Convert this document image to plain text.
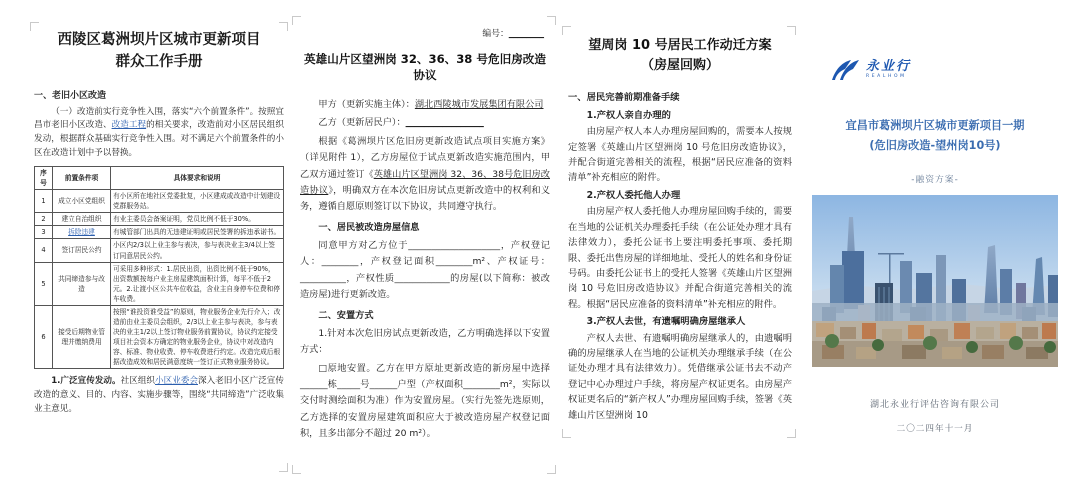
西陵区葛洲坝片区城市更新项目
群众工作手册
一、老旧小区改造
（一）改造前实行竞争性入围，落实“六个前置条件”。按照宜昌市老旧小区改造、改造工程的相关要求，改造前对小区居民组织发动，根据群众基础实行竞争性入围。对不满足六个前置条件的小区在改造计划中予以替换。
序号	前置条件项	具体要求和说明
1	成立小区党组织	有小区所在地社区党委批复，小区建成或改造中计划建设党群服务站。
2	建立自治组织	有业主委员会备案证明，党员比例不低于30%。
3	拆除违建	有城管部门出具的无违建证明或居民签署的拆违承诺书。
4	签订居民公约	小区内2/3以上业主参与表决，参与表决业主3/4以上签订同意居民公约。
5	共同缔造参与改造	可采用多种形式：1.居民出资，出资比例不低于90%，出资数额按每户业主房屋建筑面积计算，每平不低于2元。2.让渡小区公共车位收益，含业主自身停车位费和停车收费。
6	接受后期物业管理并缴纳费用	按照“谁投资谁受益”的原则，物业服务企业先行介入；改造前由业主委员会组织，2/3以上业主参与表决，参与表决的业主1/2以上签订物业服务前置协议，协议约定接受项目社会资本方确定的物业服务企业，协议中对改造内容、标准、物业收费、停车收费进行约定。改造完成后根据改造成效和居民满意度统一签订正式物业服务协议。
1.广泛宣传发动。社区组织小区业委会深入老旧小区广泛宣传改造的意义、目的、内容、实施步骤等，围绕“共同缔造”广泛收集业主意见。
编号：________
英雄山片区望洲岗 32、36、38 号危旧房改造协议
甲方（更新实施主体）：湖北西陵城市发展集团有限公司
乙方（更新居民户）：_________________
根据《葛洲坝片区危旧房更新改造试点项目实施方案》（详见附件 1），乙方房屋位于试点更新改造实施范围内，甲乙双方通过签订《英雄山片区望洲岗 32、36、38号危旧房改造协议》，明确双方在本次危旧房试点更新改造中的权利和义务，遵循自愿原则签订以下协议，共同遵守执行。
一、居民被改造房屋信息
同意甲方对乙方位于____________________，产权登记人：________，产权登记面积________m²、产权证号：__________，产权性质____________的房屋(以下简称：被改造房屋)进行更新改造。
二、安置方式
1.针对本次危旧房试点更新改造，乙方明确选择以下安置方式：
□原地安置。乙方在甲方原址更新改造的新房屋中选择______栋_____号______户型（产权面积________m²，实际以交付时测绘面积为准）作为安置房屋。（实行先签先选原则，乙方选择的安置房屋建筑面积应大于被改造房屋产权登记面积，且多出部分不超过 20 m²）。
望周岗 10 号居民工作动迁方案
（房屋回购）
一、居民完善前期准备手续
1.产权人亲自办理的
由房屋产权人本人办理房屋回购的，需要本人按规定签署《英雄山片区望洲岗 10 号危旧房改造协议》，并配合街道完善相关的流程，根据“居民应准备的资料清单”补充相应的附件。
2.产权人委托他人办理
由房屋产权人委托他人办理房屋回购手续的，需要在当地的公证机关办理委托手续（在公证处办理才具有法律效力），委托公证书上要注明委托事项、委托期限、委托出售房屋的详细地址、受托人的姓名和身份证号码。由委托公证书上的受托人签署《英雄山片区望洲岗 10 号危旧房改造协议》并配合街道完善相关的流程。根据“居民应准备的资料清单”补充相应的附件。
3.产权人去世，有遗嘱明确房屋继承人
产权人去世、有遗嘱明确房屋继承人的，由遗嘱明确的房屋继承人在当地的公证机关办理继承手续（在公证处办理才具有法律效力）。凭借继承公证书去不动产登记中心办理过户手续，将房屋产权证更名。由房屋产权证更名后的“新产权人”办理房屋回购手续，签署《英雄山片区望洲岗 10
永业行
REALHOM
宜昌市葛洲坝片区城市更新项目一期
(危旧房改造-望州岗10号)
-融资方案-
湖北永业行评估咨询有限公司
二〇二四年十一月
